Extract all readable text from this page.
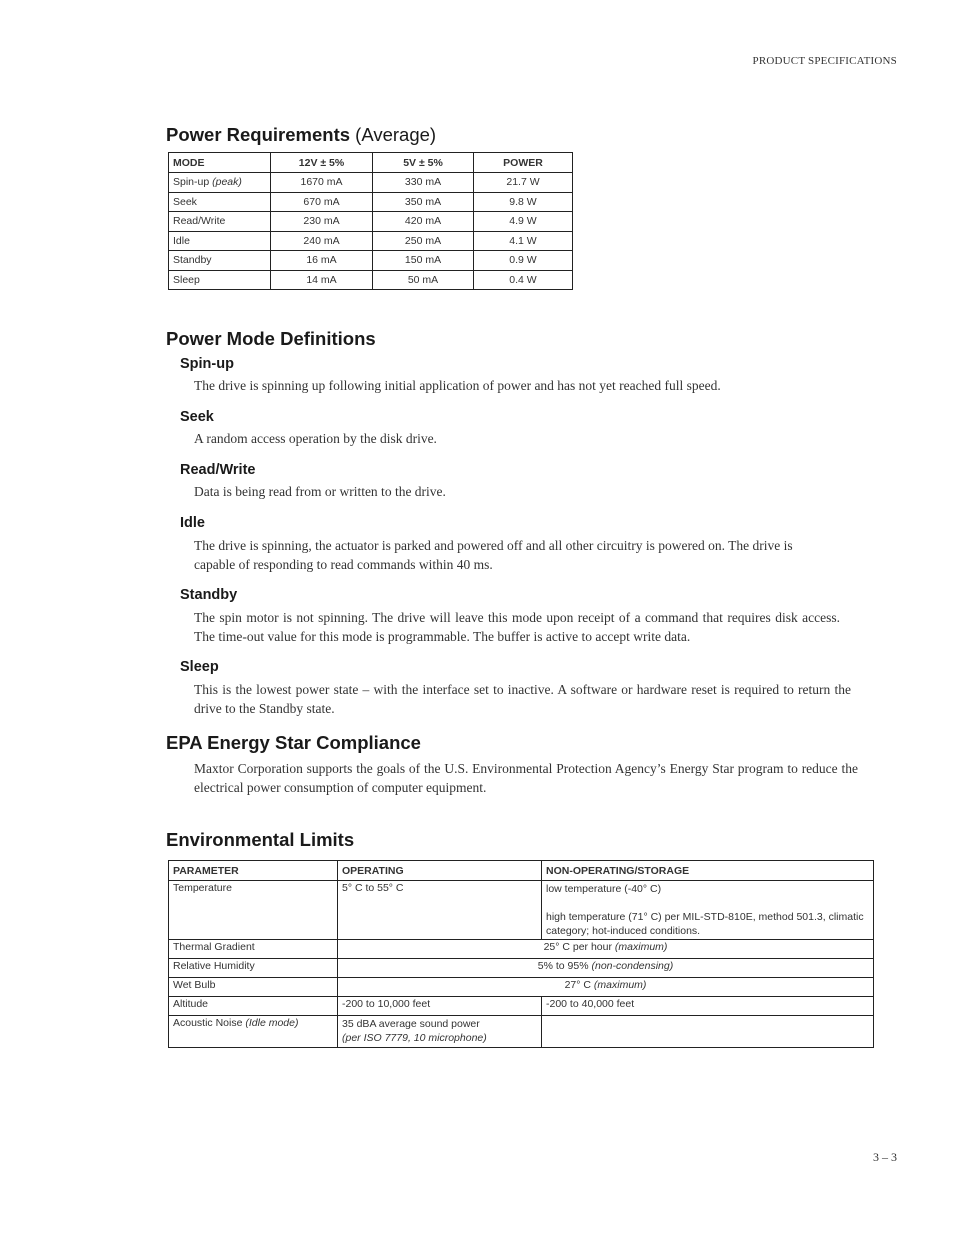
PRODUCT SPECIFICATIONS
Power Requirements (Average)
MODE	12V ± 5%	5V ± 5%	POWER
Spin-up (peak)	1670 mA	330 mA	21.7 W
Seek	670 mA	350 mA	9.8 W
Read/Write	230 mA	420 mA	4.9 W
Idle	240 mA	250 mA	4.1 W
Standby	16 mA	150 mA	0.9 W
Sleep	14 mA	50 mA	0.4 W
Power Mode Definitions
Spin-up
The drive is spinning up following initial application of power and has not yet reached full speed.
Seek
A random access operation by the disk drive.
Read/Write
Data is being read from or written to the drive.
Idle
The drive is spinning, the actuator is parked and powered off and all other circuitry is powered on. The drive is capable of responding to read commands within 40 ms.
Standby
The spin motor is not spinning. The drive will leave this mode upon receipt of a command that requires disk access. The time-out value for this mode is programmable. The buffer is active to accept write data.
Sleep
This is the lowest power state – with the interface set to inactive. A software or hardware reset is required to return the drive to the Standby state.
EPA Energy Star Compliance
Maxtor Corporation supports the goals of the U.S. Environmental Protection Agency’s Energy Star program to reduce the electrical power consumption of computer equipment.
Environmental Limits
PARAMETER	OPERATING	NON-OPERATING/STORAGE
Temperature	5° C to 55° C	low temperature (-40° C)
high temperature (71° C) per MIL-STD-810E, method 501.3, climatic category; hot-induced conditions.

Thermal Gradient	25° C per hour (maximum)	
Relative Humidity	5% to 95% (non-condensing)	
Wet Bulb	27° C (maximum)	
Altitude	-200 to 10,000 feet	-200 to 40,000 feet
Acoustic Noise (Idle mode)	35 dBA average sound power
(per ISO 7779, 10 microphone)	

3 – 3
